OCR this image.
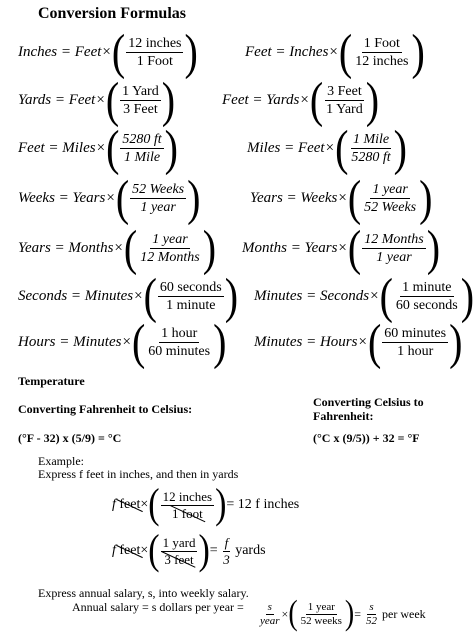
Conversion Formulas
Inches = Feet × ( $\frac{\text{12 inches}}{\text{1 Foot}}$ )	Feet = Inches × ( $\frac{\text{1 Foot}}{\text{12 inches}}$ )
Yards = Feet × ( $\frac{\text{1 Yard}}{\text{3 Feet}}$ )	Feet = Yards × ( $\frac{\text{3 Feet}}{\text{1 Yard}}$ )
Feet = Miles × ( $\frac{5280 ft}{\text{1 Mile}}$ )	Miles = Feet × ( $\frac{\text{1 Mile}}{5280 ft}$ )
Weeks = Years × ( $\frac{\text{52 Weeks}}{\text{1 year}}$ )	Years = Weeks × ( $\frac{\text{1 year}}{\text{52 Weeks}}$ )
Years = Months × ( $\frac{\text{1 year}}{\text{12 Months}}$ ) Months = Years × ( $\frac{\text{12 Months}}{\text{1 year}}$ )
Seconds = Minutes × ( $\frac{\text{60 seconds}}{\text{1 minute}}$ ) Minutes = Seconds × ( $\frac{\text{1 minute}}{\text{60 seconds}}$ )
Hours = Minutes × ( $\frac{\text{1 hour}}{\text{60 minutes}}$ ) Minutes = Hours × ( $\frac{\text{60 minutes}}{\text{1 hour}}$ )
Temperature
Converting Fahrenheit to Celsius:
(°F - 32) x (5/9) = °C
Converting Celsius to Fahrenheit:
(°C x (9/5)) + 32 = °F
Example:
Express f feet in inches, and then in yards
f
feet × ( $\frac{\text{12 inches}}{\text{1 foot}}$ ) = 12 f inches
f
feet × ( $\frac{\text{1 yard}}{\text{3 feet}}$ ) =
$\frac{f}{3}$
yards
Express annual salary, s, into weekly salary.
Annual salary = s dollars per year = $\frac{s}{\text{year}}$ × ( $\frac{\text{1 year}}{\text{52 weeks}}$ ) =
$\frac{s}{52}$
per week
